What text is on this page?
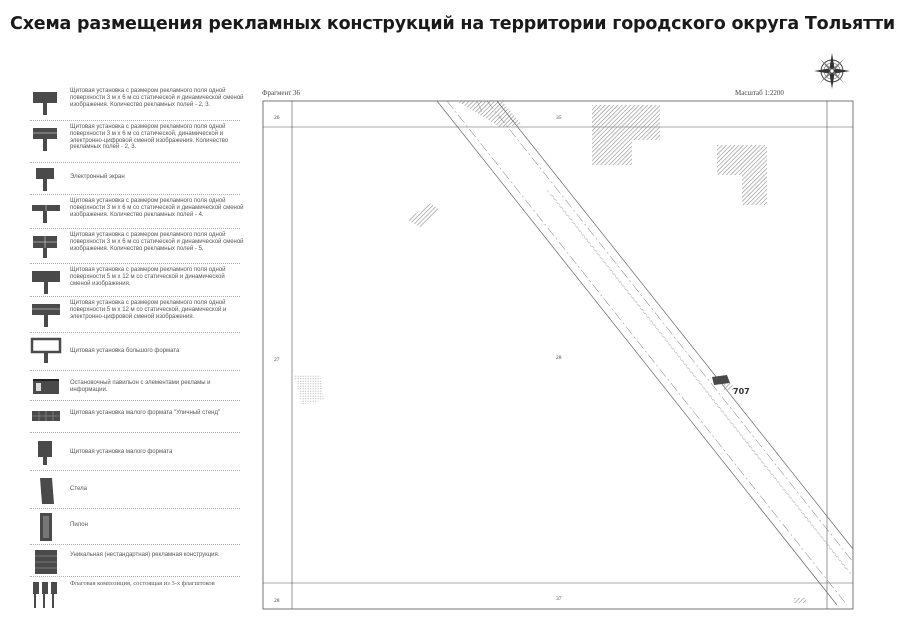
Схема размещения рекламных конструкций на территории городского округа Тольятти
Щитовая установка с размером рекламного поля одной поверхности 3 м х 6 м со статической и динамической сменой изображения. Количество рекламных полей - 2, 3.
Щитовая установка с размером рекламного поля одной поверхности 3 м х 6 м со статической, динамической и электронно-цифровой сменой изображения. Количество рекламных полей - 2, 3.
Электронный экран
Щитовая установка с размером рекламного поля одной поверхности 3 м х 6 м со статической и динамической сменой изображения. Количество рекламных полей - 4.
Щитовая установка с размером рекламного поля одной поверхности 3 м х 6 м со статической и динамической сменой изображения. Количество рекламных полей - 5.
Щитовая установка с размером рекламного поля одной поверхности 5 м х 12 м со статической и динамической сменой изображения.
Щитовая установка с размером рекламного поля одной поверхности 5 м х 12 м со статической, динамической и электронно-цифровой сменой изображения.
Щитовая установка большого формата
Остановочный павильон с элементами рекламы и информации.
Щитовая установка малого формата "Уличный стенд"
Щитовая установка малого формата
Стела
Пилон
Уникальная (нестандартная) рекламная конструкция.
Флаговая композиция, состоящая из 3-х флагштоков
Фрагмент 36	Масштаб 1:2200
26	35
27	28
28	37
707
